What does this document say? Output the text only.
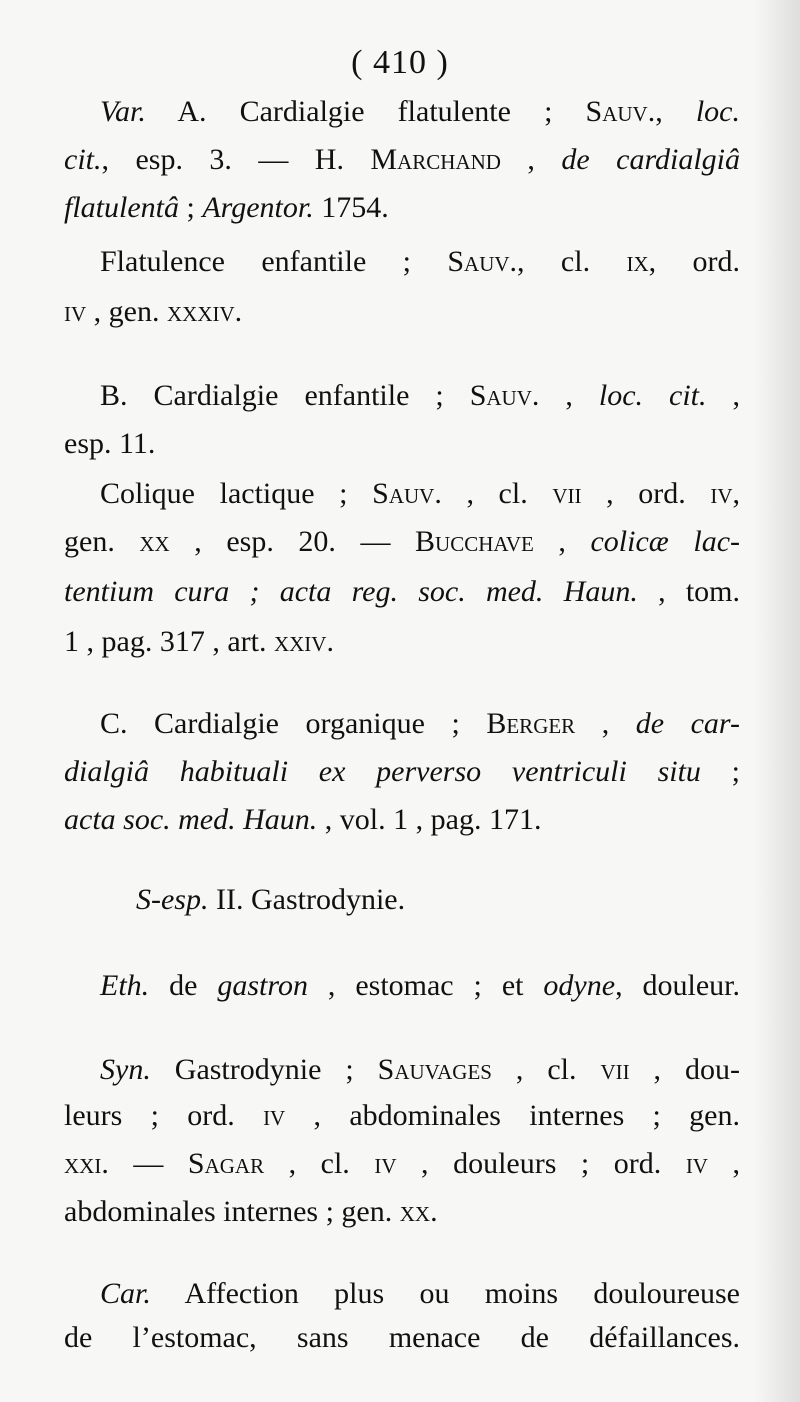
( 410 )
Var. A. Cardialgie flatulente ; Sauv., loc.
cit., esp. 3. — H. Marchand , de cardialgiâ
flatulentâ ; Argentor. 1754.
Flatulence enfantile ; Sauv., cl. ix, ord.
iv , gen. xxxiv.
B. Cardialgie enfantile ; Sauv. , loc. cit. ,
esp. 11.
Colique lactique ; Sauv. , cl. vii , ord. iv,
gen. xx , esp. 20. — Bucchave , colicæ lac-
tentium cura ; acta reg. soc. med. Haun. , tom.
1 , pag. 317 , art. xxiv.
C. Cardialgie organique ; Berger , de car-
dialgiâ habituali ex perverso ventriculi situ ;
acta soc. med. Haun. , vol. 1 , pag. 171.
S-esp. II. Gastrodynie.
Eth. de gastron , estomac ; et odyne, douleur.
Syn. Gastrodynie ; Sauvages , cl. vii , dou-
leurs ; ord. iv , abdominales internes ; gen.
xxi. — Sagar , cl. iv , douleurs ; ord. iv ,
abdominales internes ; gen. xx.
Car. Affection plus ou moins douloureuse
de l’estomac, sans menace de défaillances.
